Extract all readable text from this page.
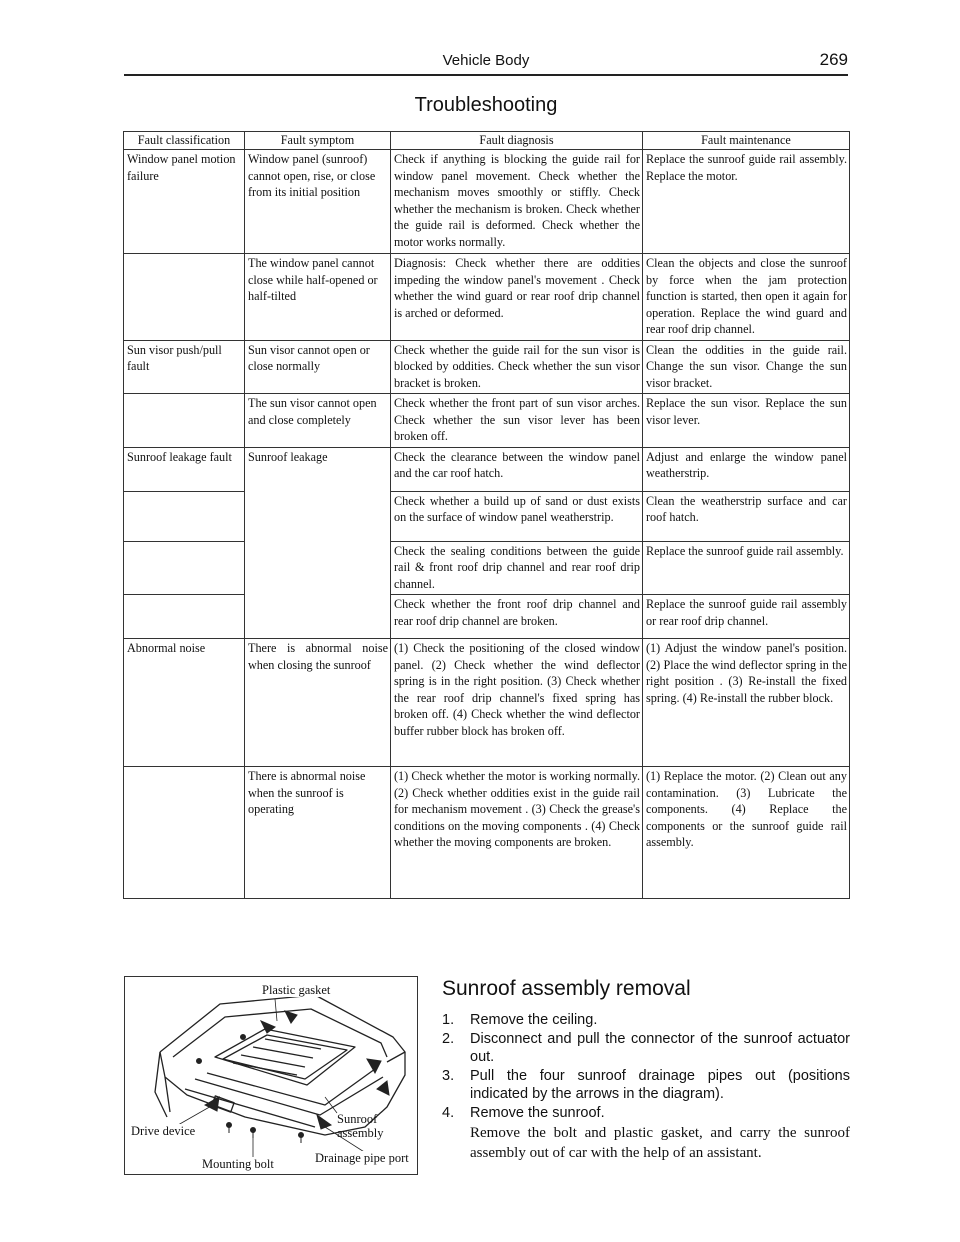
Vehicle Body	269
Troubleshooting
Fault classification	Fault symptom	Fault diagnosis	Fault maintenance
Window panel motion failure	Window panel (sunroof) cannot open, rise, or close from its initial position	Check if anything is blocking the guide rail for window panel movement. Check whether the mechanism moves smoothly or stiffly. Check whether the mechanism is broken. Check whether the guide rail is deformed. Check whether the motor works normally.	Replace the sunroof guide rail assembly. Replace the motor.
	The window panel cannot close while half-opened or half-tilted	Diagnosis: Check whether there are oddities impeding the window panel's movement . Check whether the wind guard or rear roof drip channel is arched or deformed.	Clean the objects and close the sunroof by force when the jam protection function is started, then open it again for operation. Replace the wind guard and rear roof drip channel.
Sun visor push/pull fault	Sun visor cannot open or close normally	Check whether the guide rail for the sun visor is blocked by oddities. Check whether the sun visor bracket is broken.	Clean the oddities in the guide rail. Change the sun visor. Change the sun visor bracket.
	The sun visor cannot open and close completely	Check whether the front part of sun visor arches. Check whether the sun visor lever has been broken off.	Replace the sun visor. Replace the sun visor lever.
Sunroof leakage fault	Sunroof leakage	Check the clearance between the window panel and the car roof hatch.	Adjust and enlarge the window panel weatherstrip.
		Check whether a build up of sand or dust exists on the surface of window panel weatherstrip.	Clean the weatherstrip surface and car roof hatch.
		Check the sealing conditions between the guide rail & front roof drip channel and rear roof drip channel.	Replace the sunroof guide rail assembly.
		Check whether the front roof drip channel and rear roof drip channel are broken.	Replace the sunroof guide rail assembly or rear roof drip channel.
Abnormal noise	There is abnormal noise when closing the sunroof	(1) Check the positioning of the closed window panel. (2) Check whether the wind deflector spring is in the right position. (3) Check whether the rear roof drip channel's fixed spring has broken off. (4) Check whether the wind deflector buffer rubber block has broken off.	(1) Adjust the window panel's position. (2) Place the wind deflector spring in the right position . (3) Re-install the fixed spring. (4) Re-install the rubber block.
	There is abnormal noise when the sunroof is operating	(1) Check whether the motor is working normally. (2) Check whether oddities exist in the guide rail for mechanism movement . (3) Check the grease's conditions on the moving components . (4) Check whether the moving components are broken.	(1) Replace the motor. (2) Clean out any contamination. (3) Lubricate the components. (4) Replace the components or the sunroof guide rail assembly.
Plastic gasket
Drive device
Sunroof assembly
Mounting bolt	Drainage pipe port
Sunroof assembly removal
1. Remove the ceiling.
2. Disconnect and pull the connector of the sunroof actuator out.
3. Pull the four sunroof drainage pipes out (positions indicated by the arrows in the diagram).
4. Remove the sunroof.
Remove the bolt and plastic gasket, and carry the sunroof assembly out of car with the help of an assistant.
